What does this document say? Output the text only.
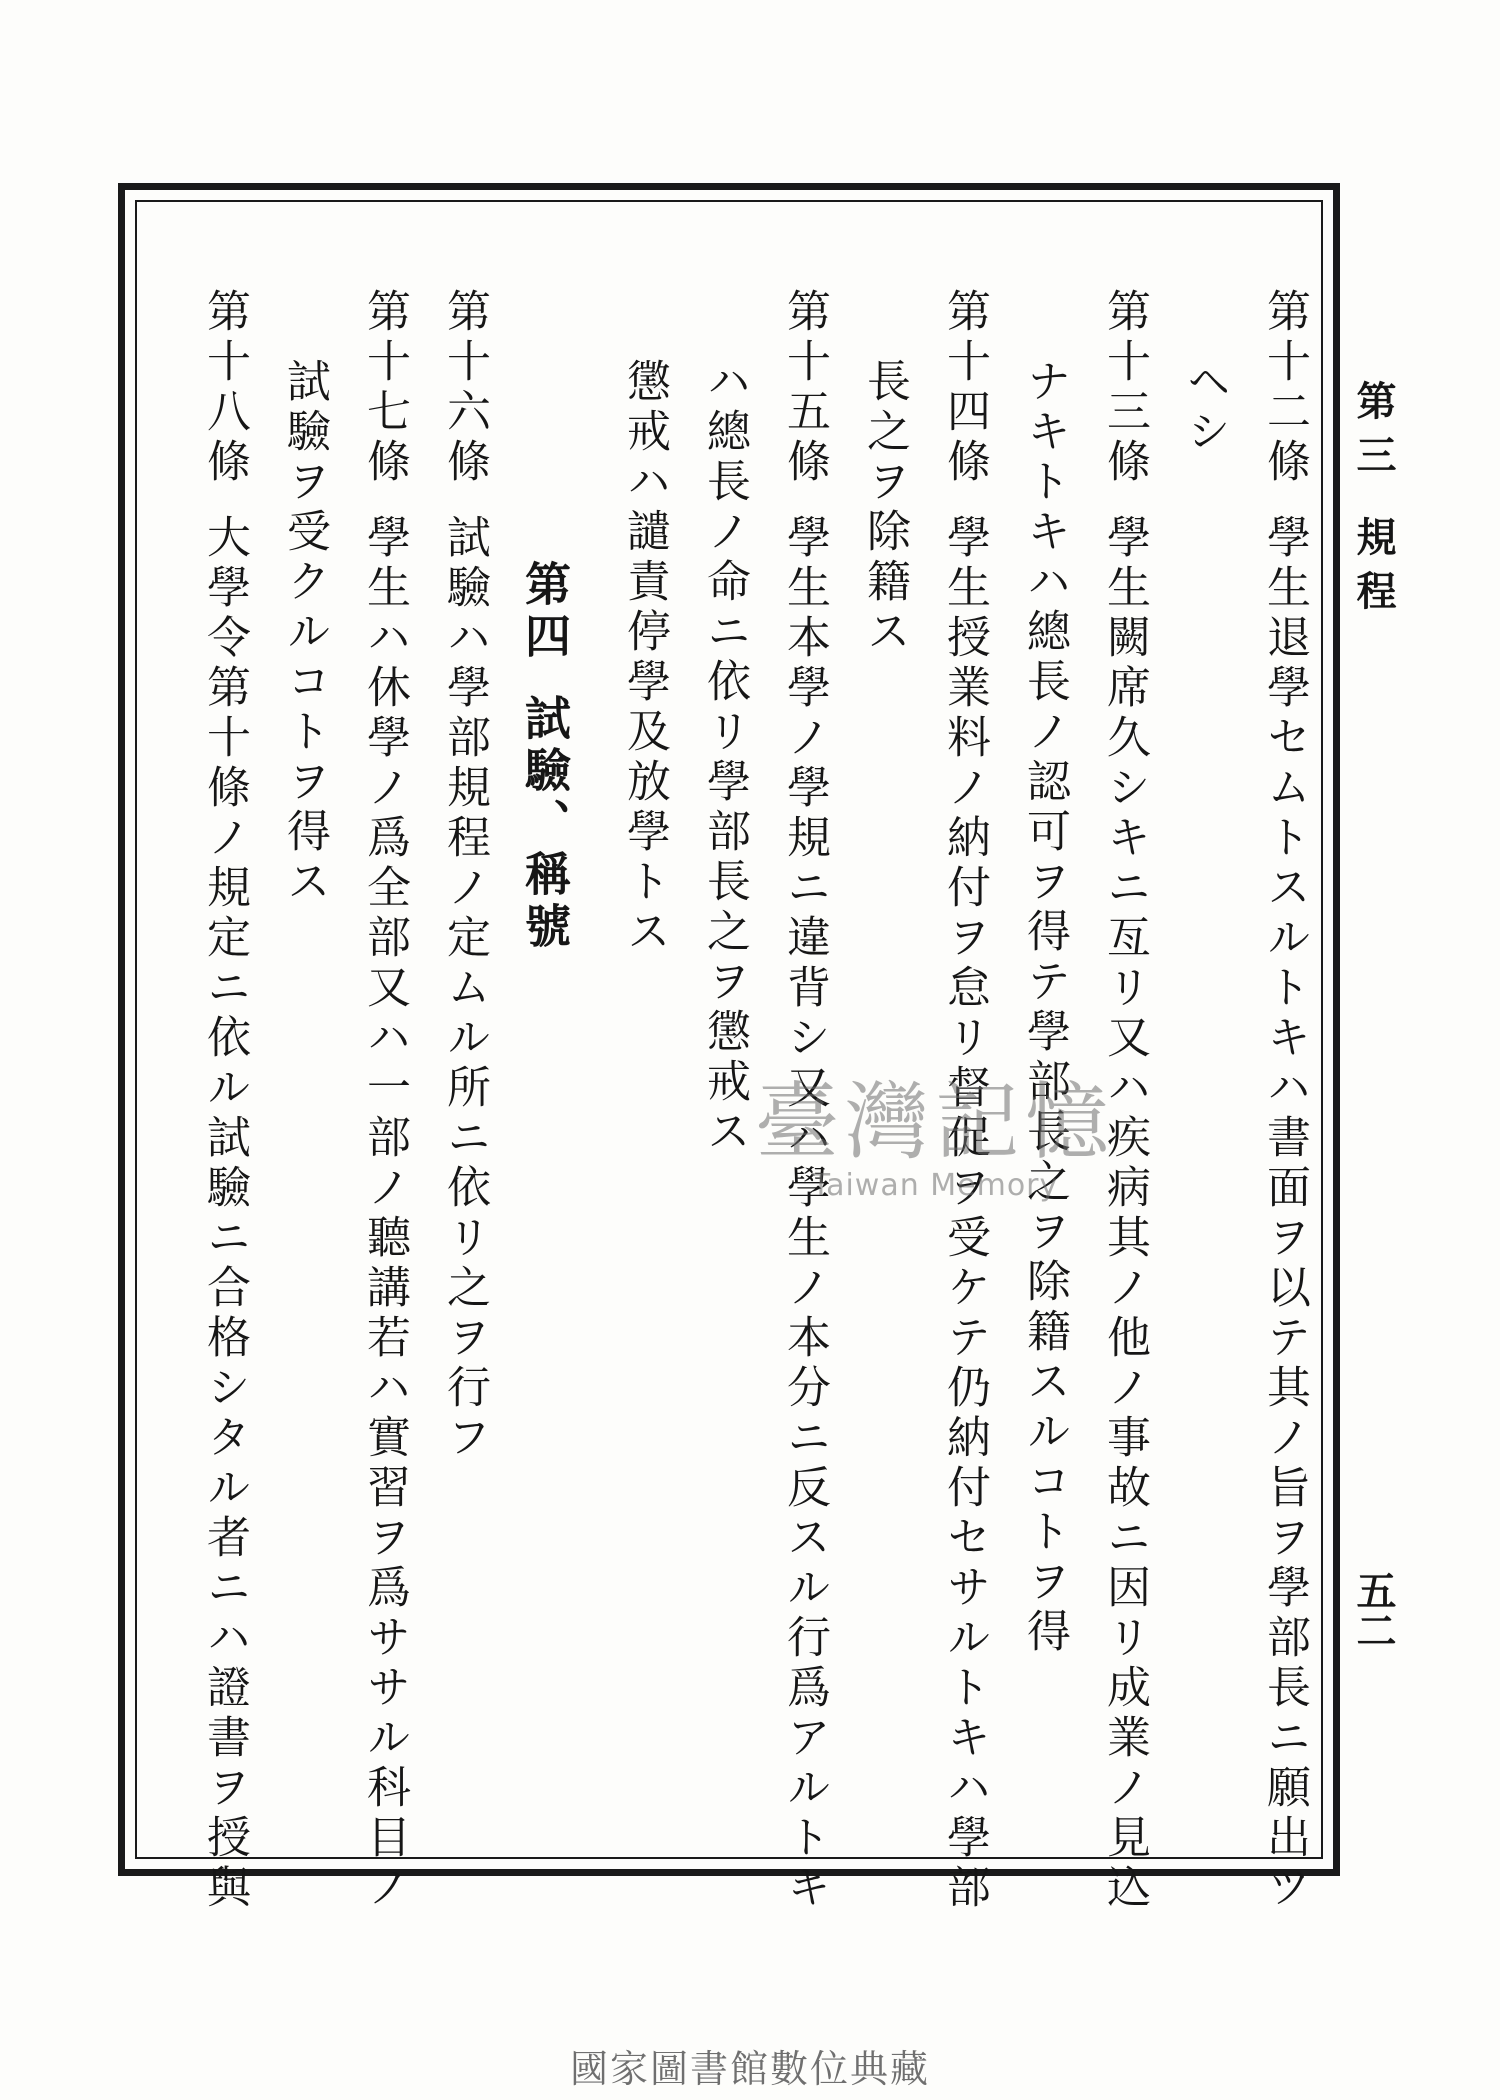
第三 規程
五二
第十二條學生退學セムトスルトキハ書面ヲ以テ其ノ旨ヲ學部長ニ願出ツ
ヘシ
第十三條學生闕席久シキニ亙リ又ハ疾病其ノ他ノ事故ニ因リ成業ノ見込
ナキトキハ總長ノ認可ヲ得テ學部長之ヲ除籍スルコトヲ得
第十四條學生授業料ノ納付ヲ怠リ督促ヲ受ケテ仍納付セサルトキハ學部
長之ヲ除籍ス
第十五條學生本學ノ學規ニ違背シ又ハ學生ノ本分ニ反スル行爲アルトキ
ハ總長ノ命ニ依リ學部長之ヲ懲戒ス
懲戒ハ譴責停學及放學トス
第四試驗、稱號
第十六條試驗ハ學部規程ノ定ムル所ニ依リ之ヲ行フ
第十七條學生ハ休學ノ爲全部又ハ一部ノ聽講若ハ實習ヲ爲ササル科目ノ
試驗ヲ受クルコトヲ得ス
第十八條大學令第十條ノ規定ニ依ル試驗ニ合格シタル者ニハ證書ヲ授與	臺灣記憶
Taiwan Memory
國家圖書館數位典藏
